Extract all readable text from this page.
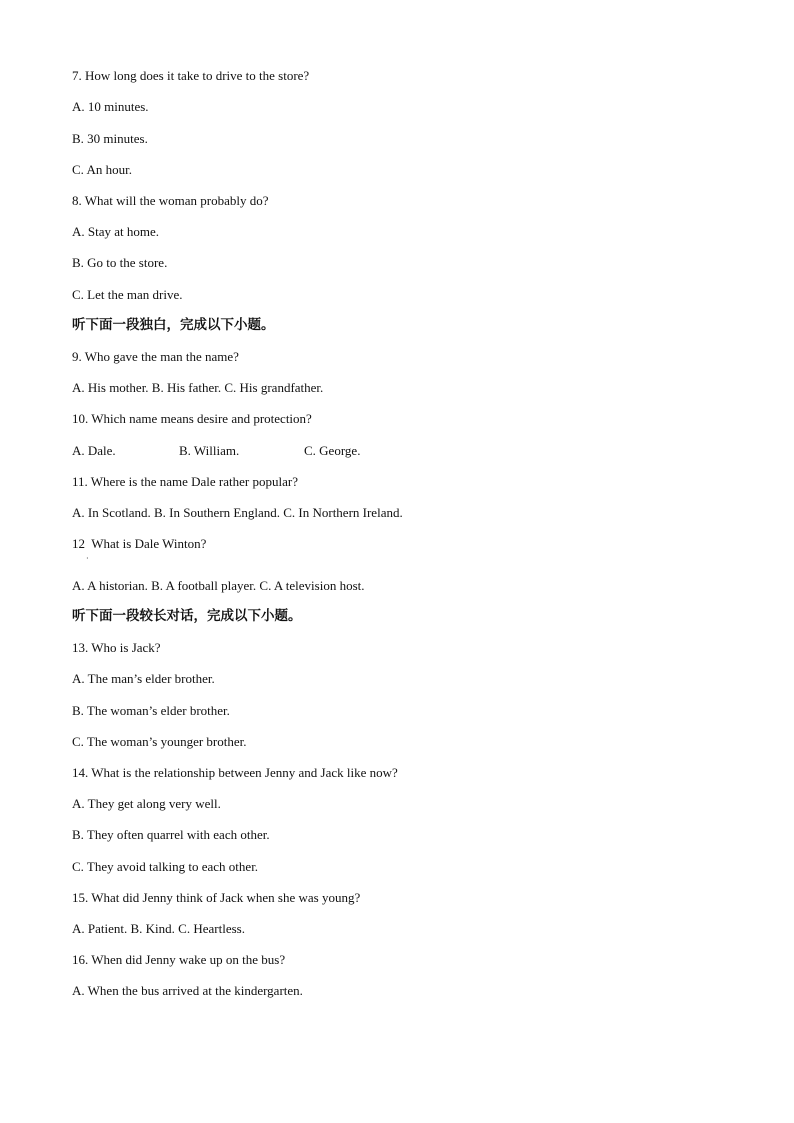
7. How long does it take to drive to the store?
A. 10 minutes.
B. 30 minutes.
C. An hour.
8. What will the woman probably do?
A. Stay at home.
B. Go to the store.
C. Let the man drive.
听下面一段独白，完成以下小题。
9. Who gave the man the name?
A. His mother. B. His father. C. His grandfather.
10. Which name means desire and protection?
A. Dale.	B. William.	C. George.
11. Where is the name Dale rather popular?
A. In Scotland. B. In Southern England. C. In Northern Ireland.
12  What is Dale Winton?
·
A. A historian. B. A football player. C. A television host.
听下面一段较长对话，完成以下小题。
13. Who is Jack?
A. The man’s elder brother.
B. The woman’s elder brother.
C. The woman’s younger brother.
14. What is the relationship between Jenny and Jack like now?
A. They get along very well.
B. They often quarrel with each other.
C. They avoid talking to each other.
15. What did Jenny think of Jack when she was young?
A. Patient. B. Kind. C. Heartless.
16. When did Jenny wake up on the bus?
A. When the bus arrived at the kindergarten.
